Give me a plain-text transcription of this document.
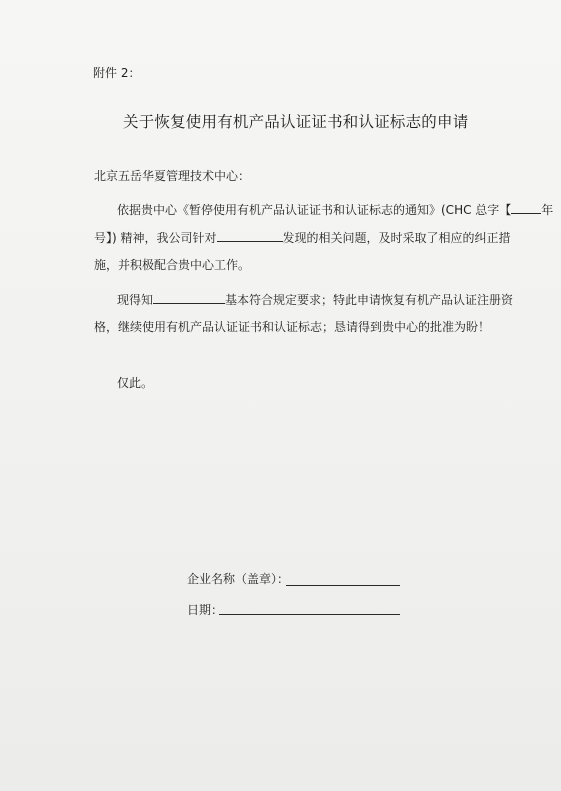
附件 2：
关于恢复使用有机产品认证证书和认证标志的申请
北京五岳华夏管理技术中心：
依据贵中心《暂停使用有机产品认证证书和认证标志的通知》(CHC 总字【	年
号】) 精神，我公司针对	发现的相关问题，及时采取了相应的纠正措
施，并积极配合贵中心工作。
现得知	基本符合规定要求；特此申请恢复有机产品认证注册资
格，继续使用有机产品认证证书和认证标志；恳请得到贵中心的批准为盼！
仅此。
企业名称（盖章）：
日期：
